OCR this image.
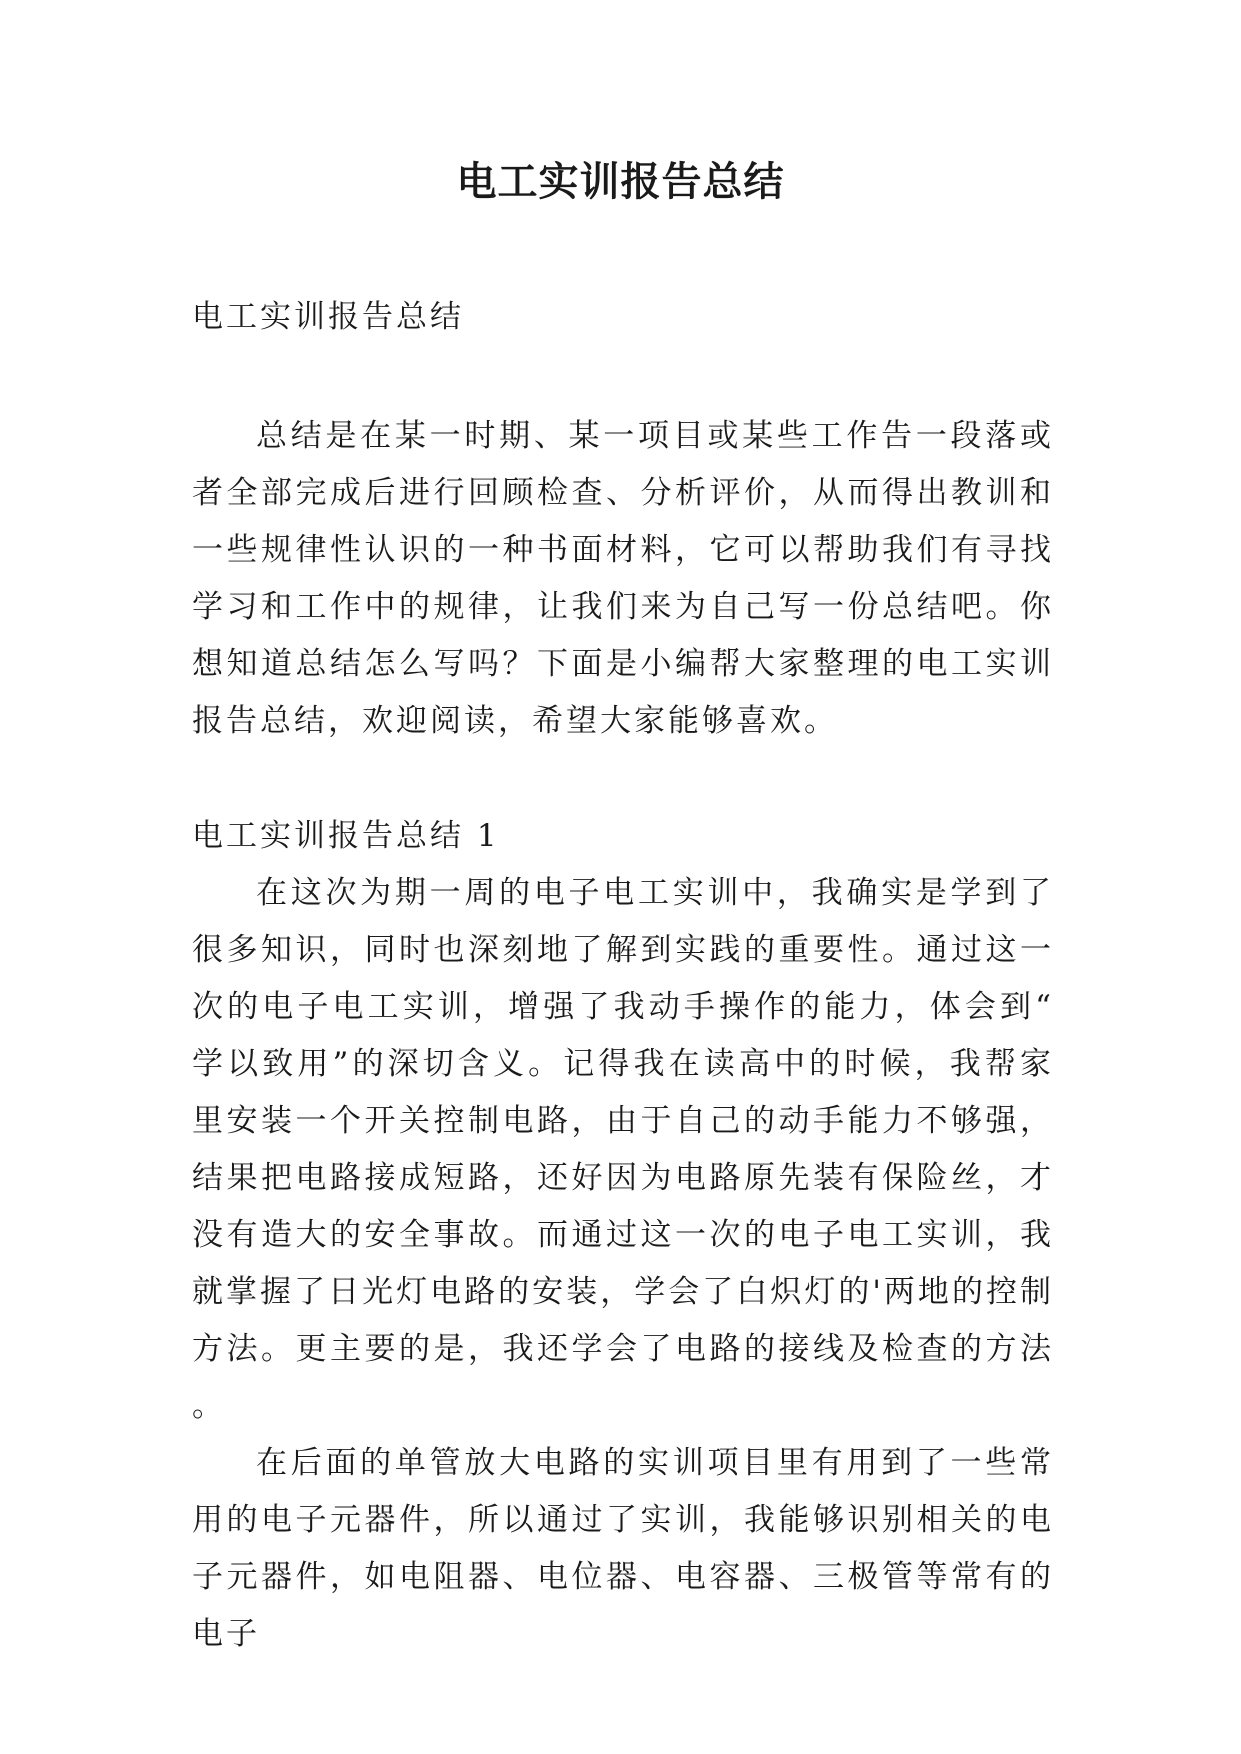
电工实训报告总结

电工实训报告总结

总结是在某一时期、某一项目或某些工作告一段落或者全部完成后进行回顾检查、分析评价，从而得出教训和一些规律性认识的一种书面材料，它可以帮助我们有寻找学习和工作中的规律，让我们来为自己写一份总结吧。你想知道总结怎么写吗？下面是小编帮大家整理的电工实训报告总结，欢迎阅读，希望大家能够喜欢。

电工实训报告总结 1

在这次为期一周的电子电工实训中，我确实是学到了很多知识，同时也深刻地了解到实践的重要性。通过这一次的电子电工实训，增强了我动手操作的能力，体会到“学以致用”的深切含义。记得我在读高中的时候，我帮家里安装一个开关控制电路，由于自己的动手能力不够强，结果把电路接成短路，还好因为电路原先装有保险丝，才没有造大的安全事故。而通过这一次的电子电工实训，我就掌握了日光灯电路的安装，学会了白炽灯的'两地的控制方法。更主要的是，我还学会了电路的接线及检查的方法。

在后面的单管放大电路的实训项目里有用到了一些常用的电子元器件，所以通过了实训，我能够识别相关的电子元器件，如电阻器、电位器、电容器、三极管等常有的电子
